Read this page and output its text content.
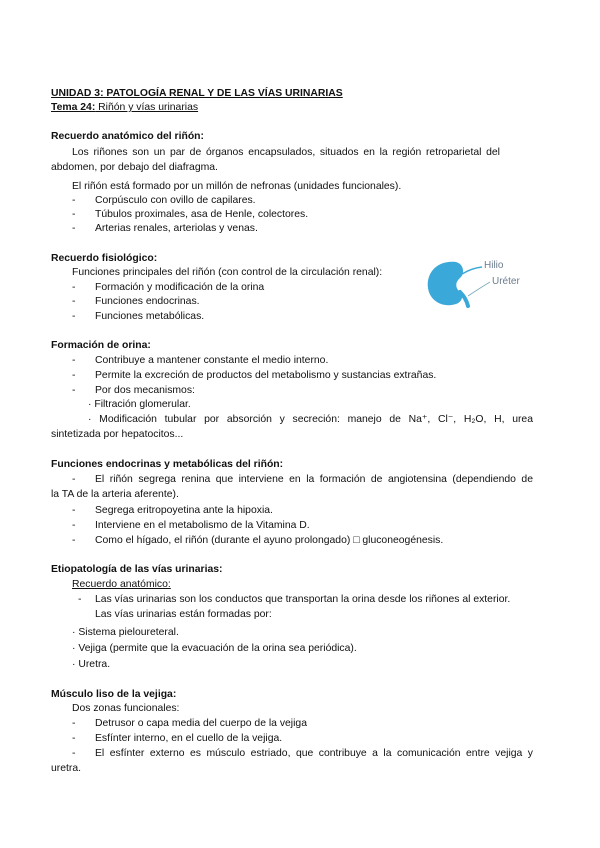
UNIDAD 3: PATOLOGÍA RENAL Y DE LAS VÍAS URINARIAS
Tema 24: Riñón y vías urinarias
Recuerdo anatómico del riñón:
Los riñones son un par de órganos encapsulados, situados en la región retroparietal del
abdomen, por debajo del diafragma.
El riñón está formado por un millón de nefronas (unidades funcionales).
- Corpúsculo con ovillo de capilares.
- Túbulos proximales, asa de Henle, colectores.
- Arterias renales, arteriolas y venas.
Recuerdo fisiológico:
Funciones principales del riñón (con control de la circulación renal):
- Formación y modificación de la orina
- Funciones endocrinas.
- Funciones metabólicas.
Hilio
Uréter
Formación de orina:
- Contribuye a mantener constante el medio interno.
- Permite la excreción de productos del metabolismo y sustancias extrañas.
- Por dos mecanismos:
· Filtración glomerular.
· Modificación tubular por absorción y secreción: manejo de Na⁺, Cl⁻, H₂O, H, urea
sintetizada por hepatocitos...
Funciones endocrinas y metabólicas del riñón:
- El riñón segrega renina que interviene en la formación de angiotensina (dependiendo de
la TA de la arteria aferente).
- Segrega eritropoyetina ante la hipoxia.
- Interviene en el metabolismo de la Vitamina D.
- Como el hígado, el riñón (durante el ayuno prolongado) □ gluconeogénesis.
Etiopatología de las vías urinarias:
Recuerdo anatómico:
- Las vías urinarias son los conductos que transportan la orina desde los riñones al exterior.
Las vías urinarias están formadas por:
· Sistema pieloureteral.
· Vejiga (permite que la evacuación de la orina sea periódica).
· Uretra.
Músculo liso de la vejiga:
Dos zonas funcionales:
- Detrusor o capa media del cuerpo de la vejiga
- Esfínter interno, en el cuello de la vejiga.
- El esfínter externo es músculo estriado, que contribuye a la comunicación entre vejiga y
uretra.
